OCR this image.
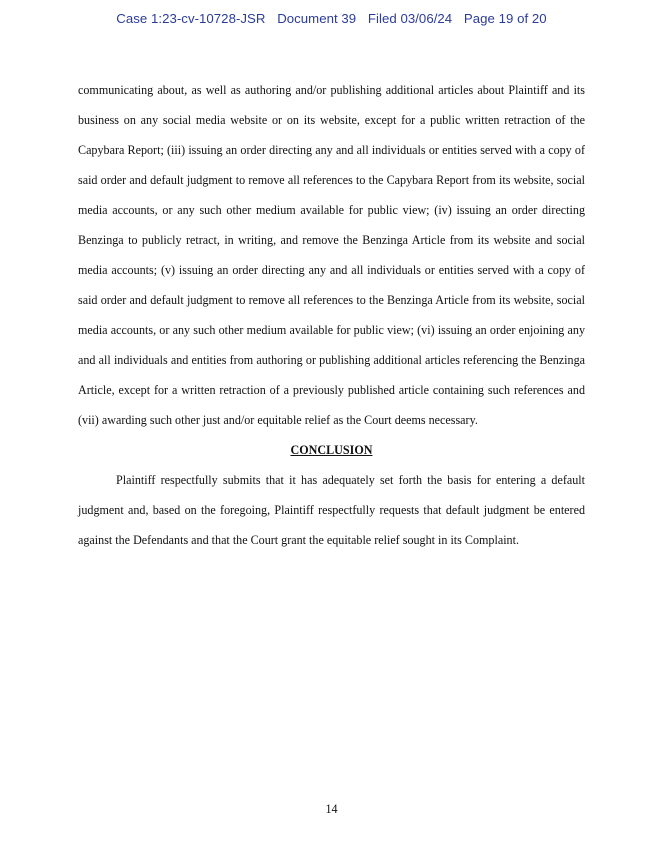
Case 1:23-cv-10728-JSR Document 39 Filed 03/06/24 Page 19 of 20

communicating about, as well as authoring and/or publishing additional articles about Plaintiff and its business on any social media website or on its website, except for a public written retraction of the Capybara Report; (iii) issuing an order directing any and all individuals or entities served with a copy of said order and default judgment to remove all references to the Capybara Report from its website, social media accounts, or any such other medium available for public view; (iv) issuing an order directing Benzinga to publicly retract, in writing, and remove the Benzinga Article from its website and social media accounts; (v) issuing an order directing any and all individuals or entities served with a copy of said order and default judgment to remove all references to the Benzinga Article from its website, social media accounts, or any such other medium available for public view; (vi) issuing an order enjoining any and all individuals and entities from authoring or publishing additional articles referencing the Benzinga Article, except for a written retraction of a previously published article containing such references and (vii) awarding such other just and/or equitable relief as the Court deems necessary.

CONCLUSION

Plaintiff respectfully submits that it has adequately set forth the basis for entering a default judgment and, based on the foregoing, Plaintiff respectfully requests that default judgment be entered against the Defendants and that the Court grant the equitable relief sought in its Complaint.

14
